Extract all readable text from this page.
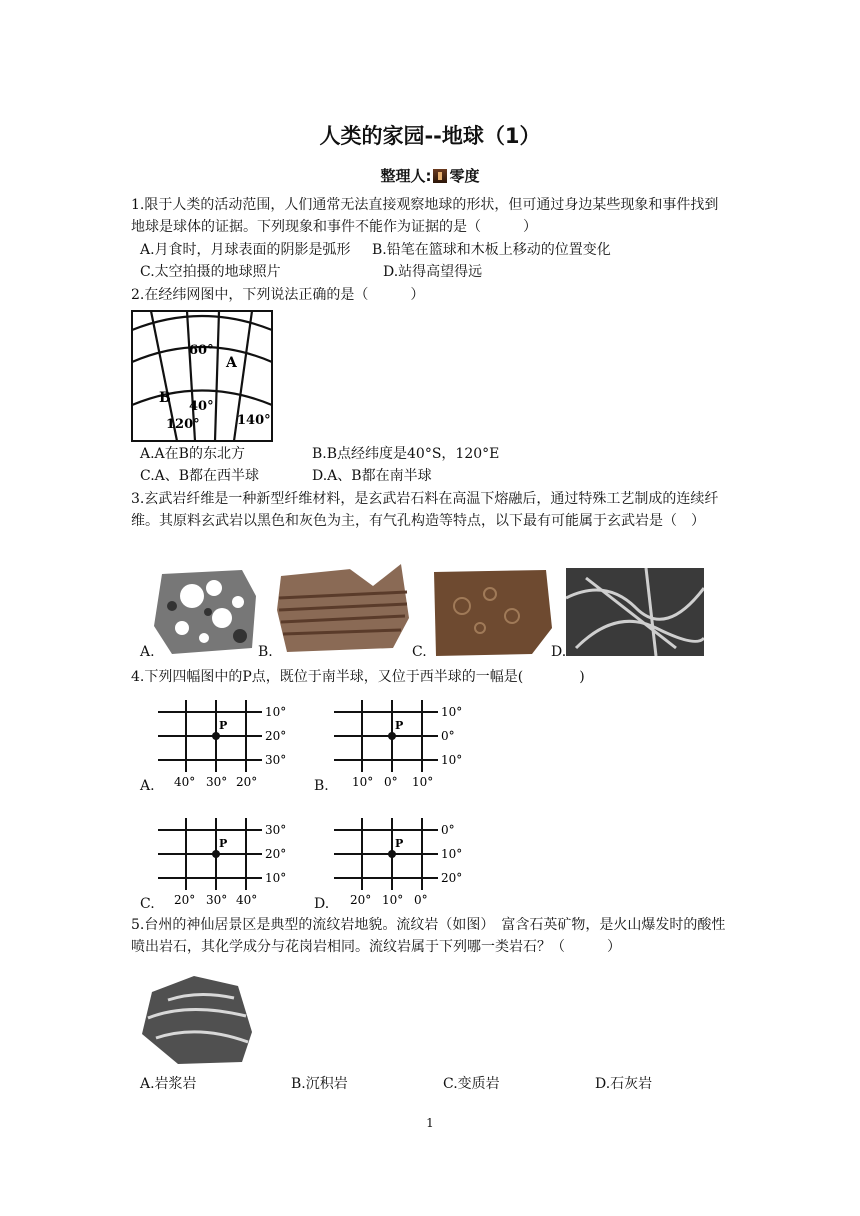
人类的家园--地球（1）
整理人: 零度
1.限于人类的活动范围，人们通常无法直接观察地球的形状，但可通过身边某些现象和事件找到地球是球体的证据。下列现象和事件不能作为证据的是（　　　）
A.月食时，月球表面的阴影是弧形 B.铅笔在篮球和木板上移动的位置变化
C.太空拍摄的地球照片	D.站得高望得远
2.在经纬网图中，下列说法正确的是（　　　）
60°
A
B
40°
120°	140°
A.A在B的东北方	B.B点经纬度是40°S，120°E
C.A、B都在西半球	D.A、B都在南半球
3.玄武岩纤维是一种新型纤维材料，是玄武岩石料在高温下熔融后，通过特殊工艺制成的连续纤维。其原料玄武岩以黑色和灰色为主，有气孔构造等特点，以下最有可能属于玄武岩是（　）
A.	B.	C.	D.
4.下列四幅图中的P点，既位于南半球，又位于西半球的一幅是(　　　　)
P
10°
20°
30°
40° 30° 20°
A.
P
10°
0°
10°
10° 0° 10°
B.
P
30°
20°
10°
20° 30° 40°
C.
P
0°
10°
20°
20° 10° 0°
D.
5.台州的神仙居景区是典型的流纹岩地貌。流纹岩（如图）　富含石英矿物，是火山爆发时的酸性喷出岩石，其化学成分与花岗岩相同。流纹岩属于下列哪一类岩石？（　　　）
A.岩浆岩	B.沉积岩	C.变质岩	D.石灰岩
1
